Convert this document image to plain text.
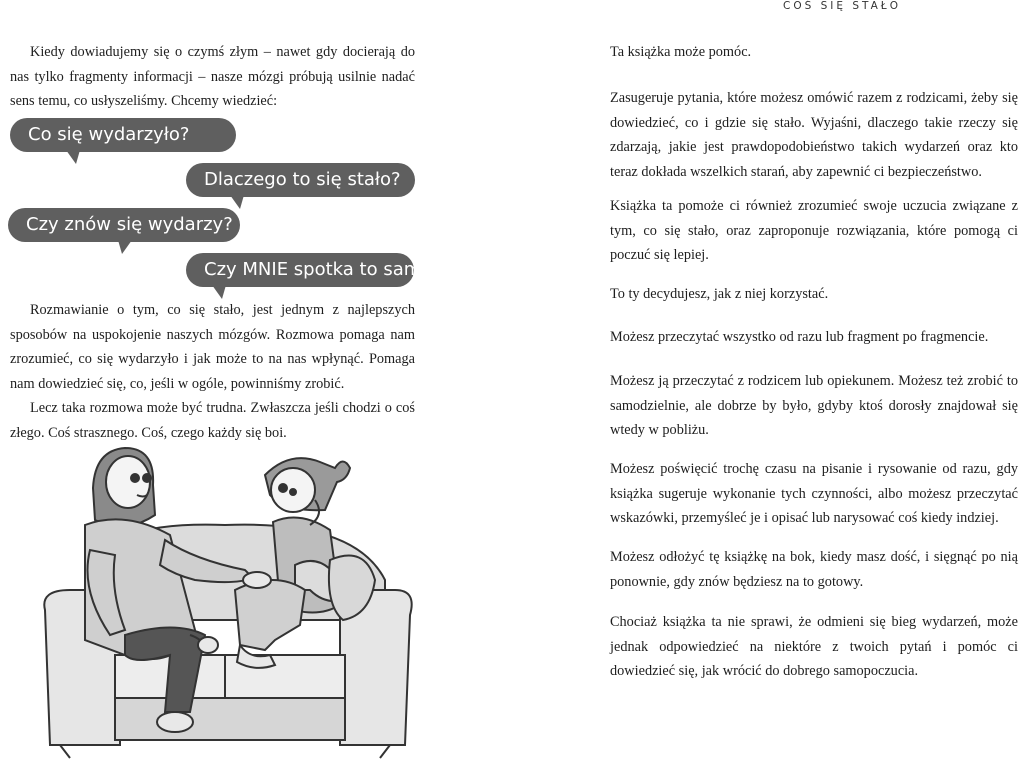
Kiedy dowiadujemy się o czymś złym – nawet gdy docierają do nas tylko fragmenty informacji – nasze mózgi próbują usilnie nadać sens temu, co usłyszeliśmy. Chcemy wiedzieć:

Co się wydarzyło?
Dlaczego to się stało?
Czy znów się wydarzy?
Czy MNIE spotka to samo?

Rozmawianie o tym, co się stało, jest jednym z najlepszych sposobów na uspokojenie naszych mózgów. Rozmowa pomaga nam zrozumieć, co się wydarzyło i jak może to na nas wpłynąć. Pomaga nam dowiedzieć się, co, jeśli w ogóle, powinniśmy zrobić.

Lecz taka rozmowa może być trudna. Zwłaszcza jeśli chodzi o coś złego. Coś strasznego. Coś, czego każdy się boi.

COŚ SIĘ STAŁO
Ta książka może pomóc.
Zasugeruje pytania, które możesz omówić razem z rodzicami, żeby się dowiedzieć, co i gdzie się stało. Wyjaśni, dlaczego takie rzeczy się zdarzają, jakie jest prawdopodobieństwo takich wydarzeń oraz kto teraz dokłada wszelkich starań, aby zapewnić ci bezpieczeństwo.
Książka ta pomoże ci również zrozumieć swoje uczucia związane z tym, co się stało, oraz zaproponuje rozwiązania, które pomogą ci poczuć się lepiej.
To ty decydujesz, jak z niej korzystać.
Możesz przeczytać wszystko od razu lub fragment po fragmencie.
Możesz ją przeczytać z rodzicem lub opiekunem. Możesz też zrobić to samodzielnie, ale dobrze by było, gdyby ktoś dorosły znajdował się wtedy w pobliżu.
Możesz poświęcić trochę czasu na pisanie i rysowanie od razu, gdy książka sugeruje wykonanie tych czynności, albo możesz przeczytać wskazówki, przemyśleć je i opisać lub narysować coś kiedy indziej.
Możesz odłożyć tę książkę na bok, kiedy masz dość, i sięgnąć po nią ponownie, gdy znów będziesz na to gotowy.
Chociaż książka ta nie sprawi, że odmieni się bieg wydarzeń, może jednak odpowiedzieć na niektóre z twoich pytań i pomóc ci dowiedzieć się, jak wrócić do dobrego samopoczucia.
